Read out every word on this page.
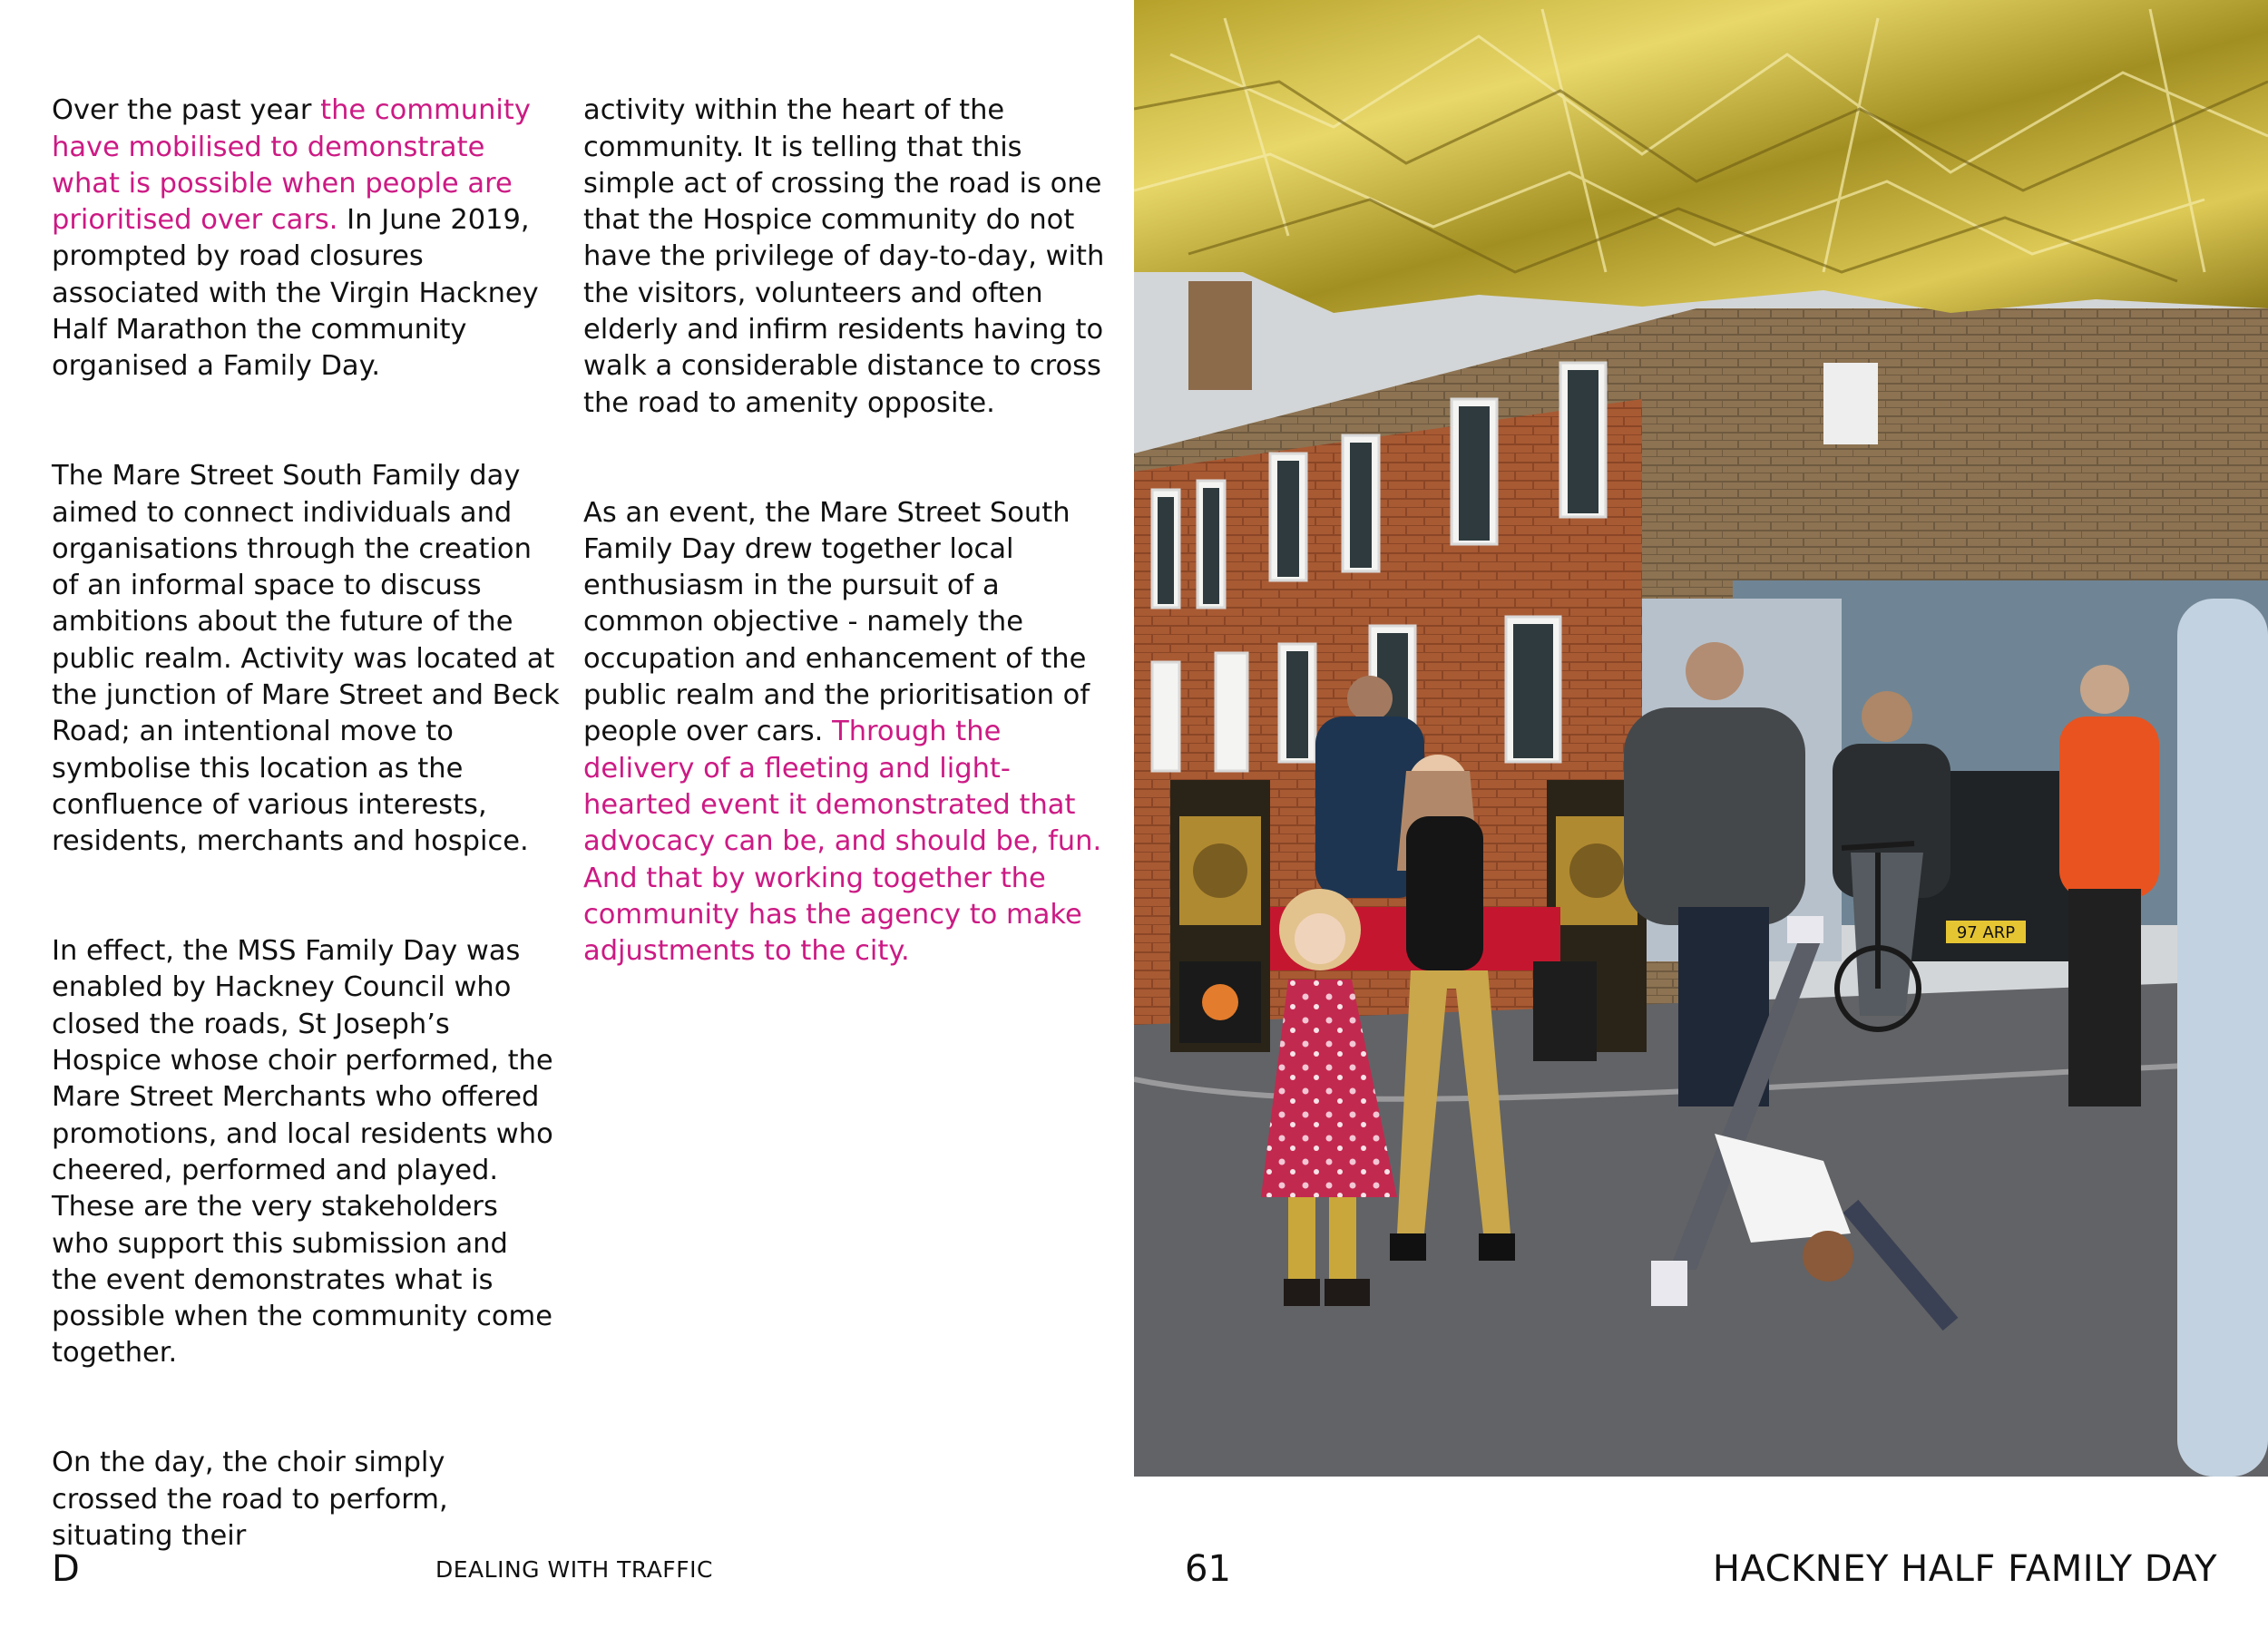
Over the past year the community have mobilised to demonstrate what is possible when people are prioritised over cars. In June 2019, prompted by road closures associated with the Virgin Hackney Half Marathon the community organised a Family Day.

The Mare Street South Family day aimed to connect individuals and organisations through the creation of an informal space to discuss ambitions about the future of the public realm. Activity was located at the junction of Mare Street and Beck Road; an intentional move to symbolise this location as the confluence of various interests, residents, merchants and hospice.

In effect, the MSS Family Day was enabled by Hackney Council who closed the roads, St Joseph’s Hospice whose choir performed, the Mare Street Merchants who offered promotions, and local residents who cheered, performed and played. These are the very stakeholders who support this submission and the event demonstrates what is possible when the community come together.

On the day, the choir simply crossed the road to perform, situating their

activity within the heart of the community. It is telling that this simple act of crossing the road is one that the Hospice community do not have the privilege of day-to-day, with the visitors, volunteers and often elderly and infirm residents having to walk a considerable distance to cross the road to amenity opposite.

As an event, the Mare Street South Family Day drew together local enthusiasm in the pursuit of a common objective - namely the occupation and enhancement of the public realm and the prioritisation of people over cars. Through the delivery of a fleeting and light-hearted event it demonstrated that advocacy can be, and should be, fun. And that by working together the community has the agency to make adjustments to the city.

97 ARP
D	DEALING WITH TRAFFIC	61	HACKNEY HALF FAMILY DAY
